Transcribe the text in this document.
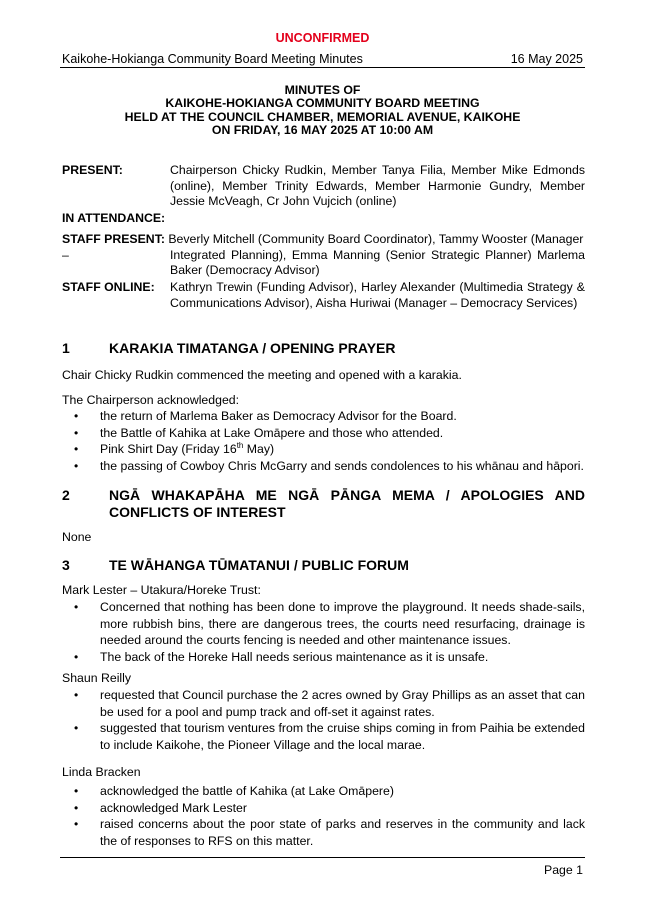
UNCONFIRMED
Kaikohe-Hokianga Community Board Meeting Minutes	16 May 2025
MINUTES OF
KAIKOHE-HOKIANGA COMMUNITY BOARD MEETING
HELD AT THE COUNCIL CHAMBER, MEMORIAL AVENUE, KAIKOHE
ON FRIDAY, 16 MAY 2025 AT 10:00 AM
PRESENT:	Chairperson Chicky Rudkin, Member Tanya Filia, Member Mike Edmonds (online), Member Trinity Edwards, Member Harmonie Gundry, Member Jessie McVeagh, Cr John Vujcich (online)
IN ATTENDANCE:
STAFF PRESENT: Beverly Mitchell (Community Board Coordinator), Tammy Wooster (Manager –	Integrated Planning), Emma Manning (Senior Strategic Planner) Marlema Baker (Democracy Advisor)
STAFF ONLINE: Kathryn Trewin (Funding Advisor), Harley Alexander (Multimedia Strategy & Communications Advisor), Aisha Huriwai (Manager – Democracy Services)
1	KARAKIA TIMATANGA / OPENING PRAYER
Chair Chicky Rudkin commenced the meeting and opened with a karakia.
The Chairperson acknowledged:
• the return of Marlema Baker as Democracy Advisor for the Board.
• the Battle of Kahika at Lake Omāpere and those who attended.
• Pink Shirt Day (Friday 16th May)
• the passing of Cowboy Chris McGarry and sends condolences to his whānau and hāpori.
2	NGĀ WHAKAPĀHA ME NGĀ PĀNGA MEMA / APOLOGIES AND CONFLICTS OF INTEREST
None
3	TE WĀHANGA TŪMATANUI / PUBLIC FORUM
Mark Lester – Utakura/Horeke Trust:
• Concerned that nothing has been done to improve the playground. It needs shade-sails, more rubbish bins, there are dangerous trees, the courts need resurfacing, drainage is needed around the courts fencing is needed and other maintenance issues.
• The back of the Horeke Hall needs serious maintenance as it is unsafe.
Shaun Reilly
• requested that Council purchase the 2 acres owned by Gray Phillips as an asset that can be used for a pool and pump track and off-set it against rates.
• suggested that tourism ventures from the cruise ships coming in from Paihia be extended to include Kaikohe, the Pioneer Village and the local marae.
Linda Bracken
• acknowledged the battle of Kahika (at Lake Omāpere)
• acknowledged Mark Lester
• raised concerns about the poor state of parks and reserves in the community and lack the of responses to RFS on this matter.
Page 1
